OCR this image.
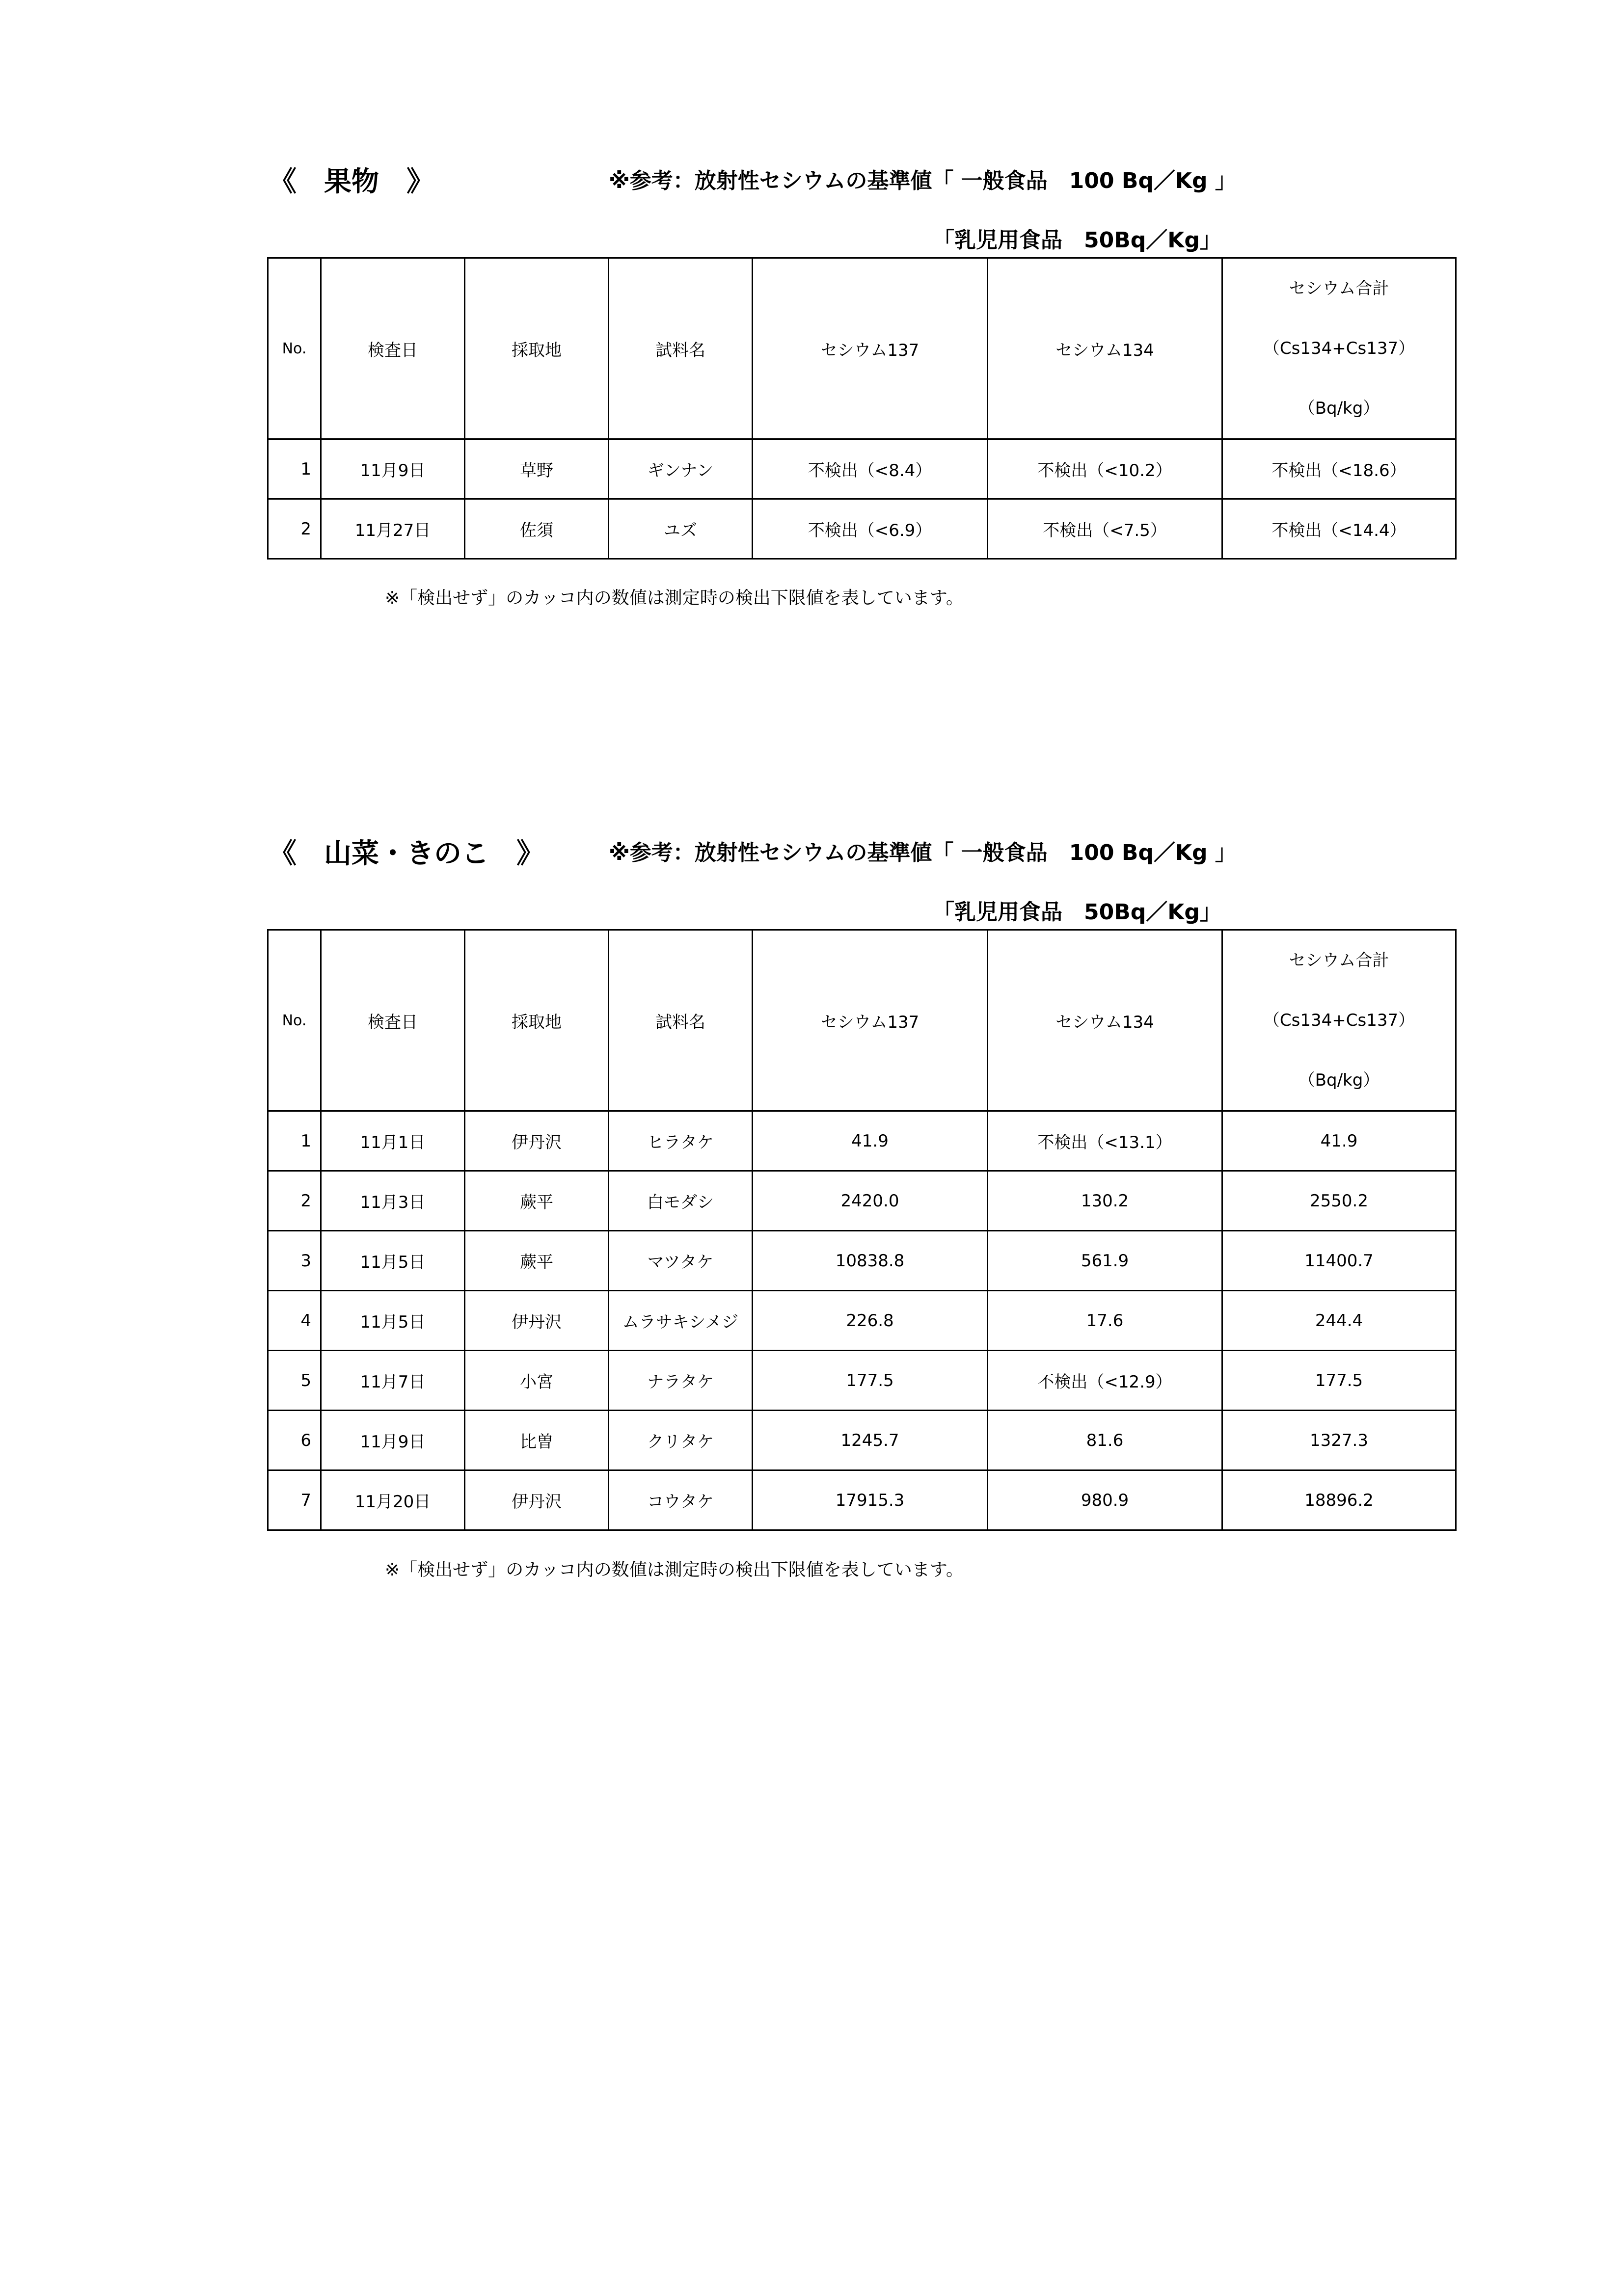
《　果物　》	※参考：放射性セシウムの基準値「 一般食品　100 Bq／Kg 」
「乳児用食品　50Bq／Kg」
No.	検査日	採取地	試料名	セシウム137	セシウム134	セシウム合計
（Cs134+Cs137）
（Bq/kg）

1	11月9日	草野	ギンナン	不検出（<8.4）	不検出（<10.2）	不検出（<18.6）
2	11月27日	佐須	ユズ	不検出（<6.9）	不検出（<7.5）	不検出（<14.4）
※「検出せず」のカッコ内の数値は測定時の検出下限値を表しています。
《　山菜・きのこ　》	※参考：放射性セシウムの基準値「 一般食品　100 Bq／Kg 」
「乳児用食品　50Bq／Kg」
No.	検査日	採取地	試料名	セシウム137	セシウム134	セシウム合計
（Cs134+Cs137）
（Bq/kg）

1	11月1日	伊丹沢	ヒラタケ	41.9	不検出（<13.1）	41.9
2	11月3日	蕨平	白モダシ	2420.0	130.2	2550.2
3	11月5日	蕨平	マツタケ	10838.8	561.9	11400.7
4	11月5日	伊丹沢	ムラサキシメジ	226.8	17.6	244.4
5	11月7日	小宮	ナラタケ	177.5	不検出（<12.9）	177.5
6	11月9日	比曽	クリタケ	1245.7	81.6	1327.3
7	11月20日	伊丹沢	コウタケ	17915.3	980.9	18896.2
※「検出せず」のカッコ内の数値は測定時の検出下限値を表しています。
